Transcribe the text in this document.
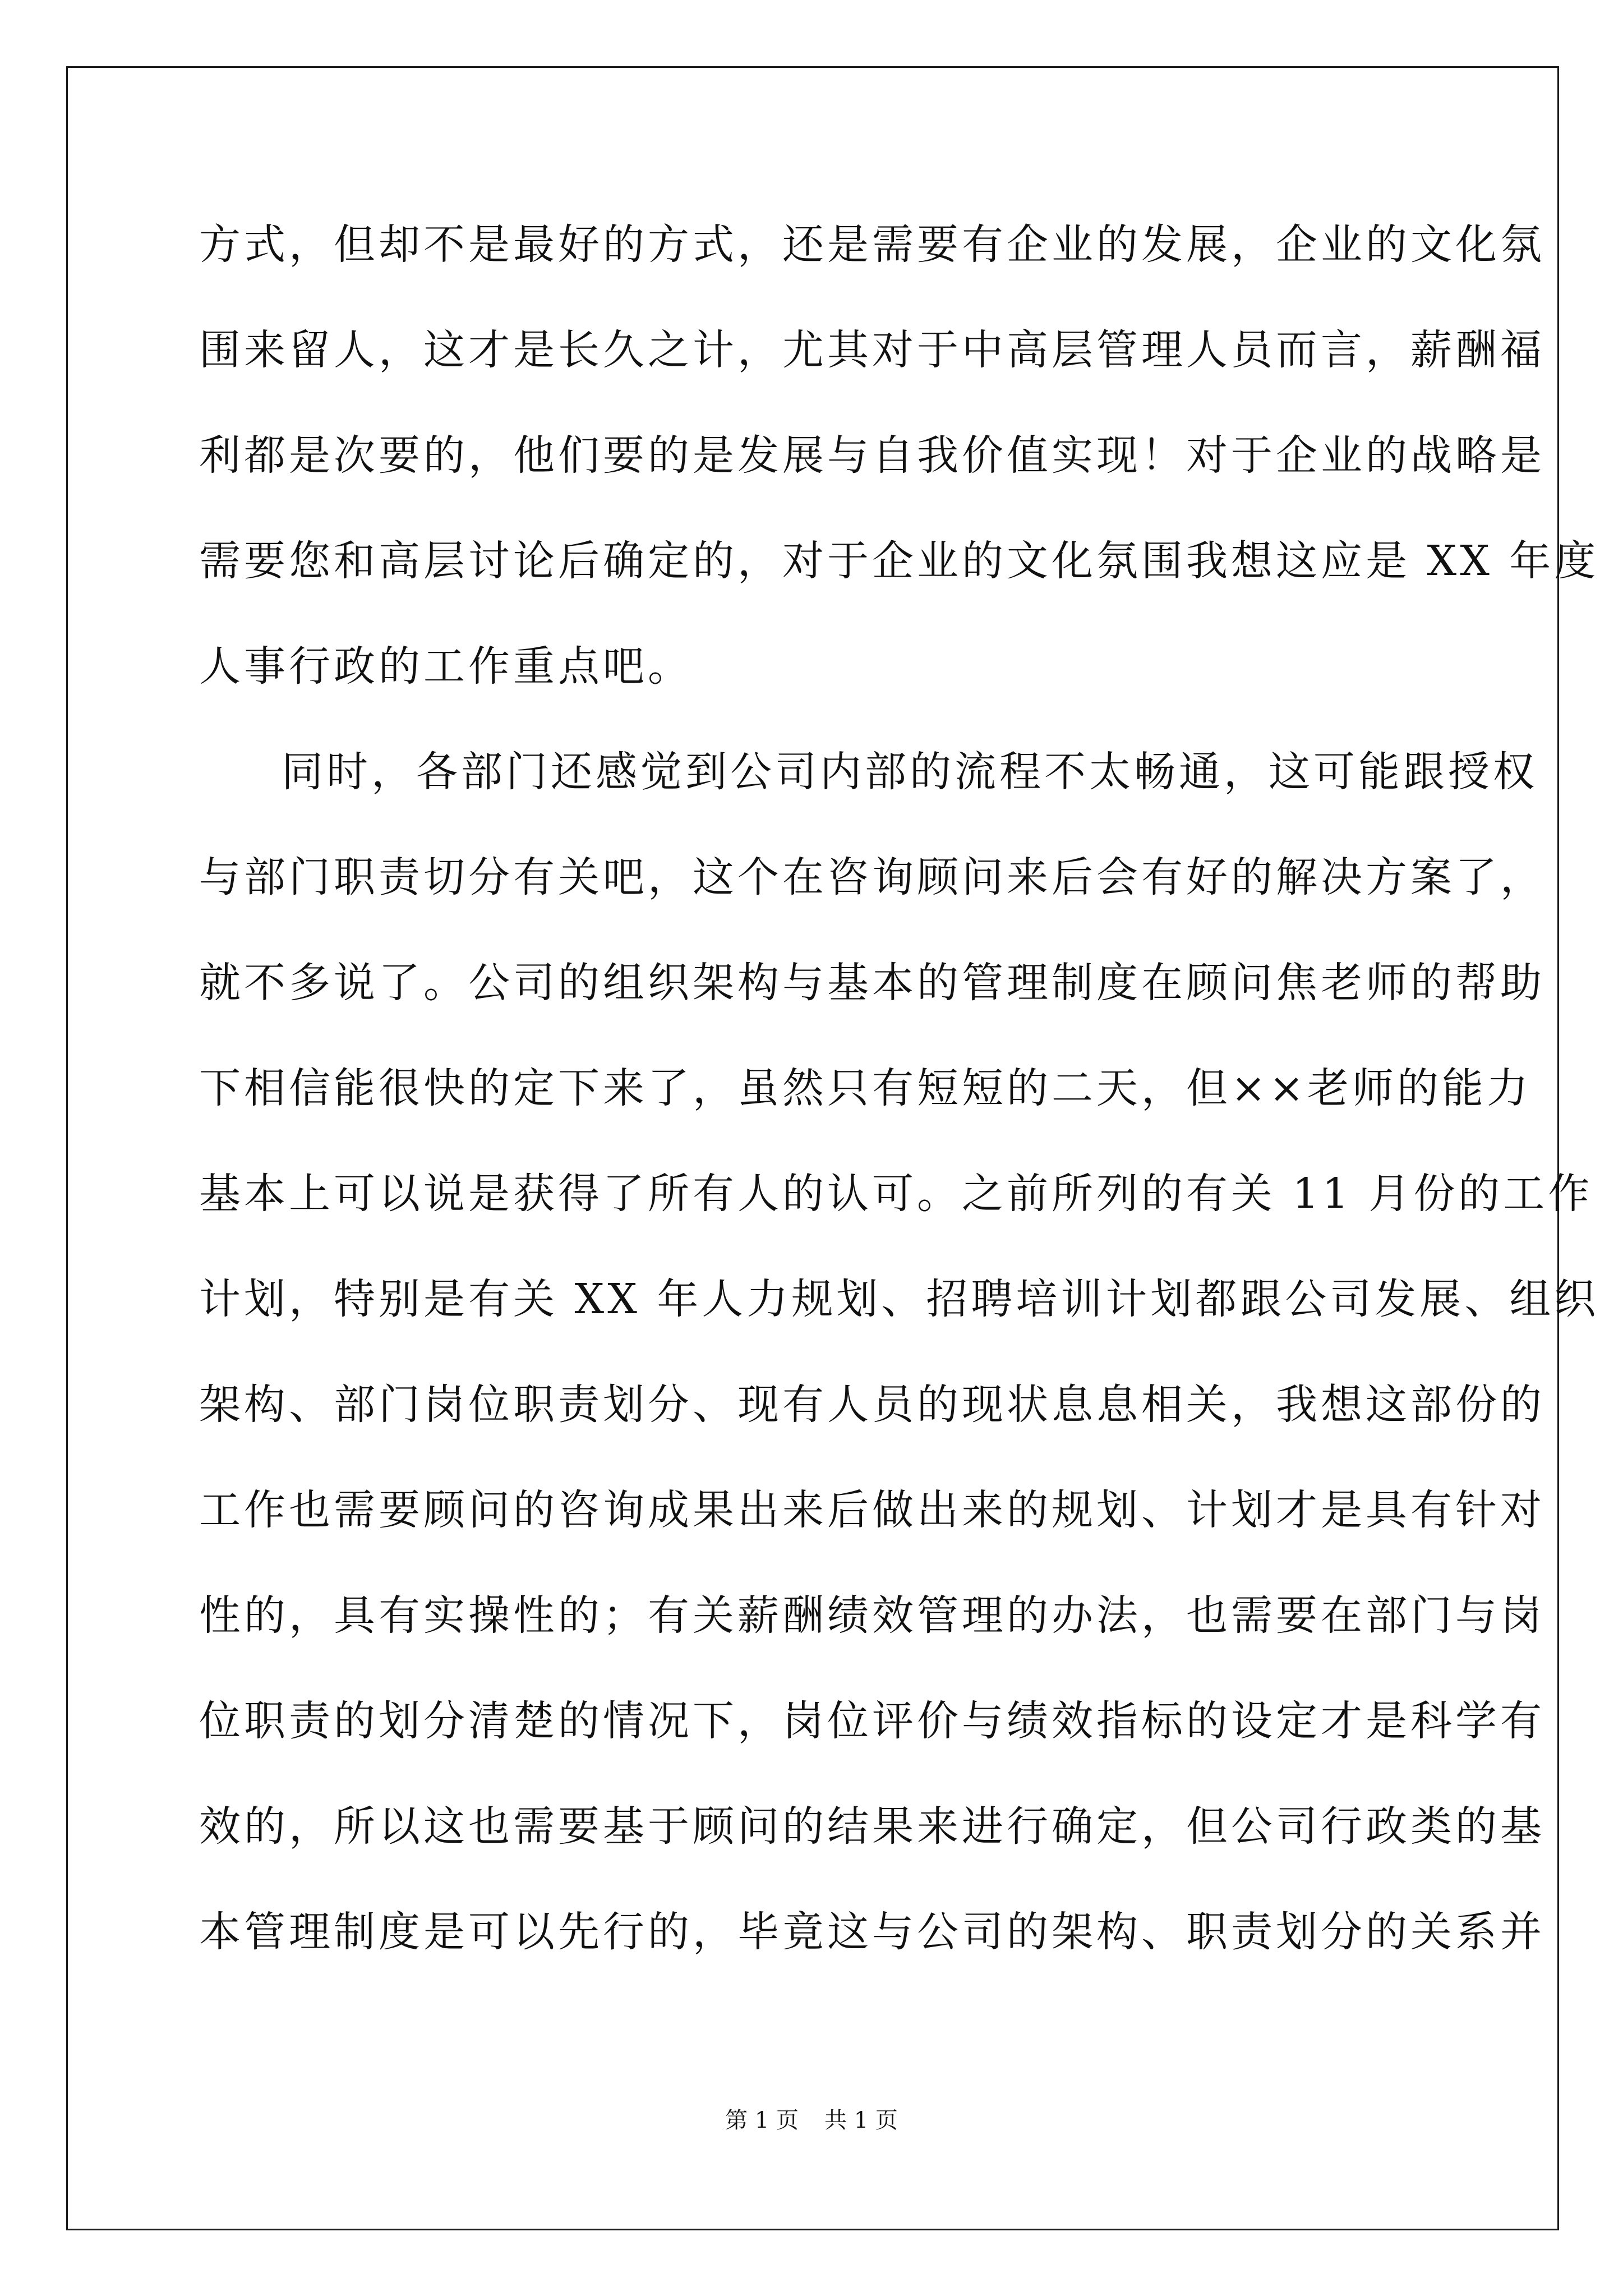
方式，但却不是最好的方式，还是需要有企业的发展，企业的文化氛
围来留人，这才是长久之计，尤其对于中高层管理人员而言，薪酬福
利都是次要的，他们要的是发展与自我价值实现！对于企业的战略是
需要您和高层讨论后确定的，对于企业的文化氛围我想这应是 XX 年度
人事行政的工作重点吧。
同时，各部门还感觉到公司内部的流程不太畅通，这可能跟授权
与部门职责切分有关吧，这个在咨询顾问来后会有好的解决方案了，
就不多说了。公司的组织架构与基本的管理制度在顾问焦老师的帮助
下相信能很快的定下来了，虽然只有短短的二天，但××老师的能力
基本上可以说是获得了所有人的认可。之前所列的有关 11 月份的工作
计划，特别是有关 XX 年人力规划、招聘培训计划都跟公司发展、组织
架构、部门岗位职责划分、现有人员的现状息息相关，我想这部份的
工作也需要顾问的咨询成果出来后做出来的规划、计划才是具有针对
性的，具有实操性的；有关薪酬绩效管理的办法，也需要在部门与岗
位职责的划分清楚的情况下，岗位评价与绩效指标的设定才是科学有
效的，所以这也需要基于顾问的结果来进行确定，但公司行政类的基
本管理制度是可以先行的，毕竟这与公司的架构、职责划分的关系并
第 1 页 共 1 页
